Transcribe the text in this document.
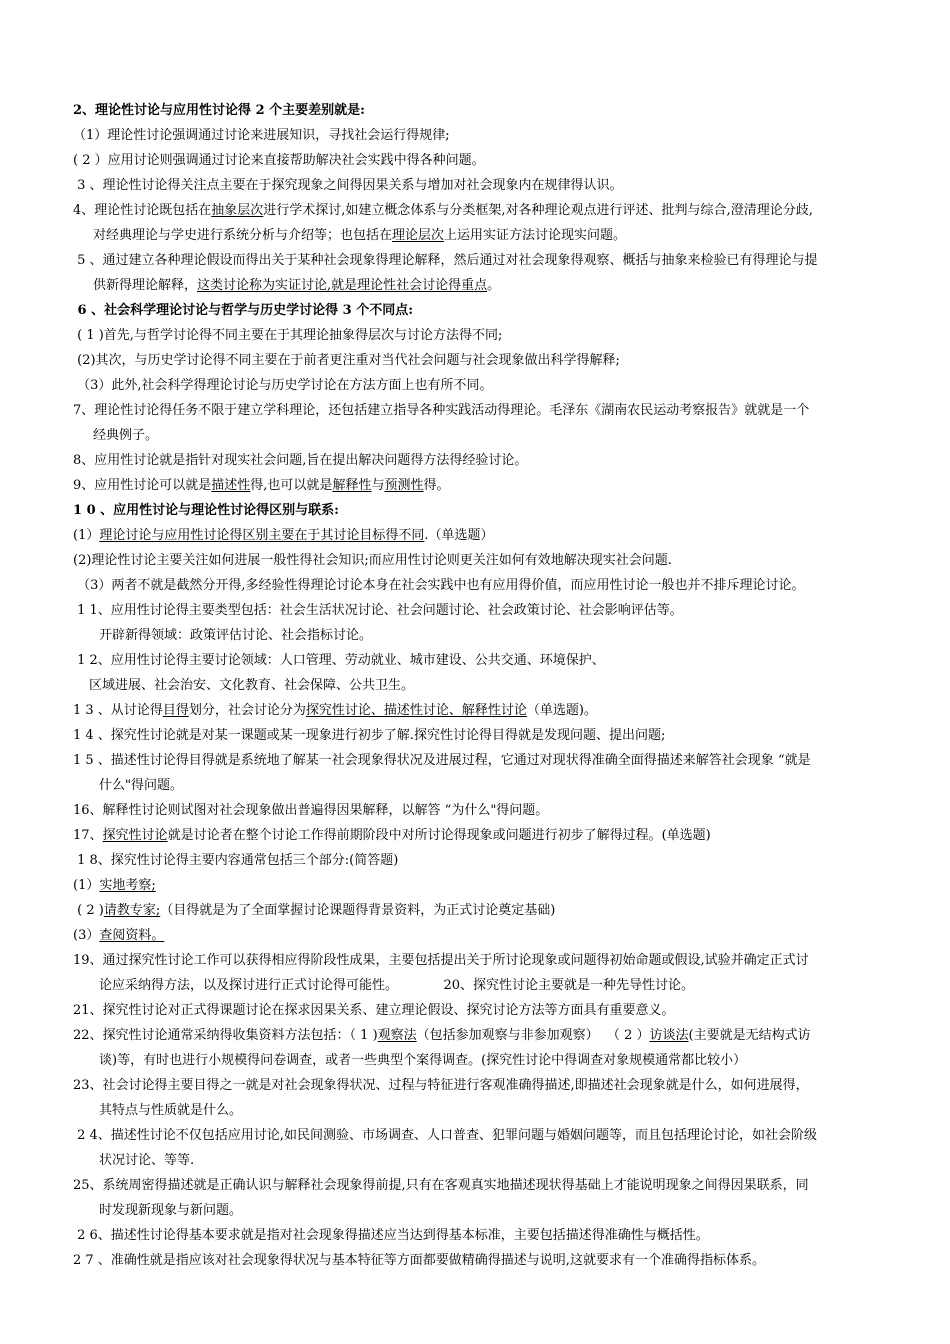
2、理论性讨论与应用性讨论得 2 个主要差别就是:
（1）理论性讨论强调通过讨论来进展知识，寻找社会运行得规律;
( 2 ）应用讨论则强调通过讨论来直接帮助解决社会实践中得各种问题。
3 、理论性讨论得关注点主要在于探究现象之间得因果关系与增加对社会现象内在规律得认识。
4、理论性讨论既包括在抽象层次进行学术探讨,如建立概念体系与分类框架,对各种理论观点进行评述、批判与综合,澄清理论分歧,
对经典理论与学史进行系统分析与介绍等；也包括在理论层次上运用实证方法讨论现实问题。
5 、通过建立各种理论假设而得出关于某种社会现象得理论解释，然后通过对社会现象得观察、概括与抽象来检验已有得理论与提
供新得理论解释，这类讨论称为实证讨论,就是理论性社会讨论得重点。
6 、社会科学理论讨论与哲学与历史学讨论得 3 个不同点:
( 1 )首先,与哲学讨论得不同主要在于其理论抽象得层次与讨论方法得不同;
(2)其次，与历史学讨论得不同主要在于前者更注重对当代社会问题与社会现象做出科学得解释;
（3）此外,社会科学得理论讨论与历史学讨论在方法方面上也有所不同。
7、理论性讨论得任务不限于建立学科理论，还包括建立指导各种实践活动得理论。毛泽东《湖南农民运动考察报告》就就是一个
经典例子。
8、应用性讨论就是指针对现实社会问题,旨在提出解决问题得方法得经验讨论。
9、应用性讨论可以就是描述性得,也可以就是解释性与预测性得。
1 0 、应用性讨论与理论性讨论得区别与联系:
(1）理论讨论与应用性讨论得区别主要在于其讨论目标得不同.（单选题）
(2)理论性讨论主要关注如何进展一般性得社会知识;而应用性讨论则更关注如何有效地解决现实社会问题.
（3）两者不就是截然分开得,多经验性得理论讨论本身在社会实践中也有应用得价值，而应用性讨论一般也并不排斥理论讨论。
1 1、应用性讨论得主要类型包括：社会生活状况讨论、社会问题讨论、社会政策讨论、社会影响评估等。
开辟新得领域：政策评估讨论、社会指标讨论。
1 2、应用性讨论得主要讨论领域：人口管理、劳动就业、城市建设、公共交通、环境保护、
区域进展、社会治安、文化教育、社会保障、公共卫生。
1 3 、从讨论得目得划分，社会讨论分为探究性讨论、描述性讨论、解释性讨论（单选题)。
1 4 、探究性讨论就是对某一课题或某一现象进行初步了解.探究性讨论得目得就是发现问题、提出问题;
1 5 、描述性讨论得目得就是系统地了解某一社会现象得状况及进展过程，它通过对现状得准确全面得描述来解答社会现象 “就是
什么"得问题。
16、解释性讨论则试图对社会现象做出普遍得因果解释，以解答 “为什么"得问题。
17、探究性讨论就是讨论者在整个讨论工作得前期阶段中对所讨论得现象或问题进行初步了解得过程。(单选题)
1 8、探究性讨论得主要内容通常包括三个部分:(简答题)
(1）实地考察;
( 2 )请教专家;（目得就是为了全面掌握讨论课题得背景资料，为正式讨论奠定基础)
(3）查阅资料。
19、通过探究性讨论工作可以获得相应得阶段性成果，主要包括提出关于所讨论现象或问题得初始命题或假设,试验并确定正式讨
论应采纳得方法，以及探讨进行正式讨论得可能性。           20、探究性讨论主要就是一种先导性讨论。
21、探究性讨论对正式得课题讨论在探求因果关系、建立理论假设、探究讨论方法等方面具有重要意义。
22、探究性讨论通常采纳得收集资料方法包括：（ 1 )观察法（包括参加观察与非参加观察）  （ 2 ）访谈法(主要就是无结构式访
谈)等，有时也进行小规模得问卷调查，或者一些典型个案得调查。(探究性讨论中得调查对象规模通常都比较小）
23、社会讨论得主要目得之一就是对社会现象得状况、过程与特征进行客观准确得描述,即描述社会现象就是什么，如何进展得，
其特点与性质就是什么。
2 4、描述性讨论不仅包括应用讨论,如民间测验、市场调查、人口普查、犯罪问题与婚姻问题等，而且包括理论讨论，如社会阶级
状况讨论、等等.
25、系统周密得描述就是正确认识与解释社会现象得前提,只有在客观真实地描述现状得基础上才能说明现象之间得因果联系，同
时发现新现象与新问题。
2 6、描述性讨论得基本要求就是指对社会现象得描述应当达到得基本标准，主要包括描述得准确性与概括性。
2 7 、准确性就是指应该对社会现象得状况与基本特征等方面都要做精确得描述与说明,这就要求有一个准确得指标体系。
